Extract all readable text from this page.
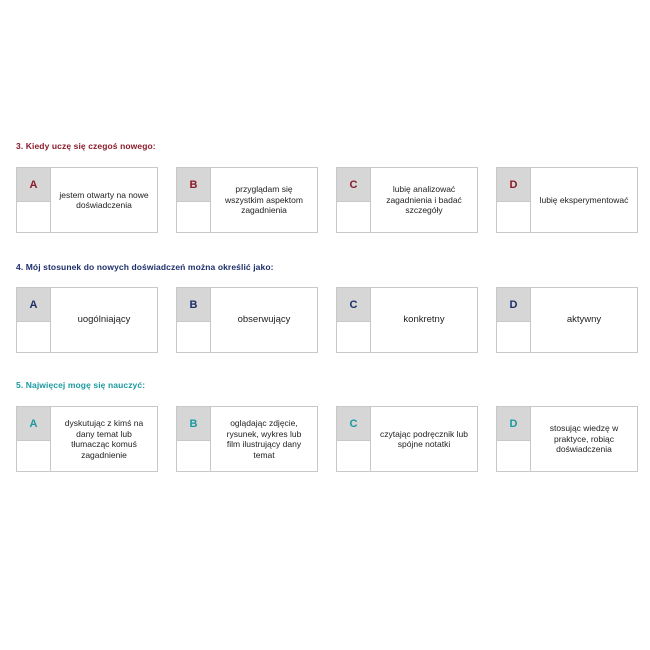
3. Kiedy uczę się czegoś nowego:
A
jestem otwarty na nowe doświadczenia
B	przyglądam się wszystkim aspektom zagadnienia
C	lubię analizować zagadnienia i badać szczegóły
D
lubię eksperymentować
4. Mój stosunek do nowych doświadczeń można określić jako:
A
uogólniający
B
obserwujący
C
konkretny
D
aktywny
5. Najwięcej mogę się nauczyć:
A	dyskutując z kimś na dany temat lub tłumacząc komuś zagadnienie
B	oglądając zdjęcie, rysunek, wykres lub film ilustrujący dany temat
C
czytając podręcznik lub spójne notatki
D	stosując wiedzę w praktyce, robiąc doświadczenia
